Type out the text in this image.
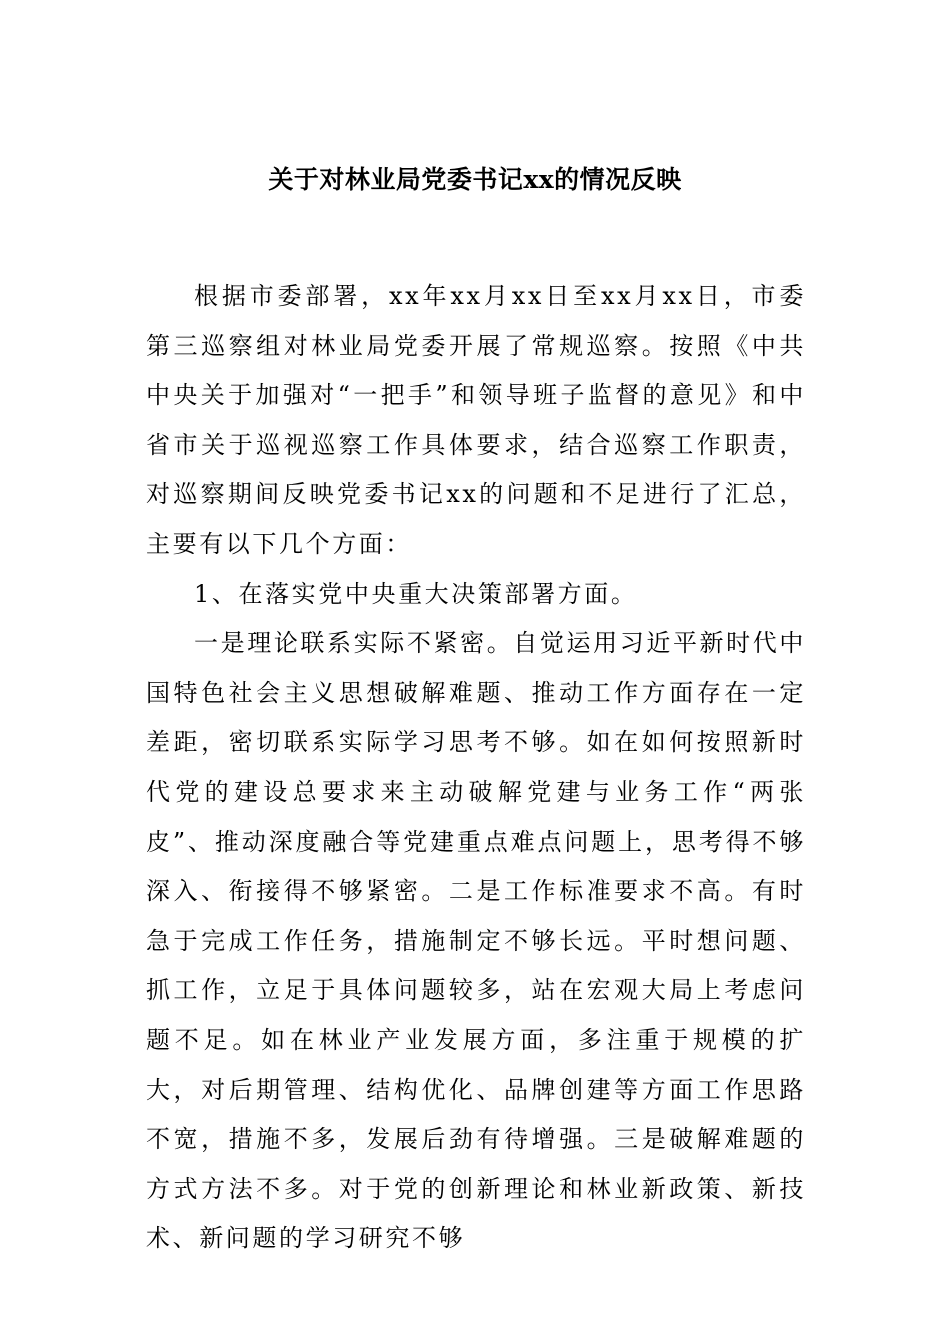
关于对林业局党委书记xx的情况反映

根据市委部署，xx年xx月xx日至xx月xx日，市委第三巡察组对林业局党委开展了常规巡察。按照《中共中央关于加强对“一把手”和领导班子监督的意见》和中省市关于巡视巡察工作具体要求，结合巡察工作职责，对巡察期间反映党委书记xx的问题和不足进行了汇总，主要有以下几个方面：

1、在落实党中央重大决策部署方面。

一是理论联系实际不紧密。自觉运用习近平新时代中国特色社会主义思想破解难题、推动工作方面存在一定差距，密切联系实际学习思考不够。如在如何按照新时代党的建设总要求来主动破解党建与业务工作“两张皮”、推动深度融合等党建重点难点问题上，思考得不够深入、衔接得不够紧密。二是工作标准要求不高。有时急于完成工作任务，措施制定不够长远。平时想问题、抓工作，立足于具体问题较多，站在宏观大局上考虑问题不足。如在林业产业发展方面，多注重于规模的扩大，对后期管理、结构优化、品牌创建等方面工作思路不宽，措施不多，发展后劲有待增强。三是破解难题的方式方法不多。对于党的创新理论和林业新政策、新技术、新问题的学习研究不够
